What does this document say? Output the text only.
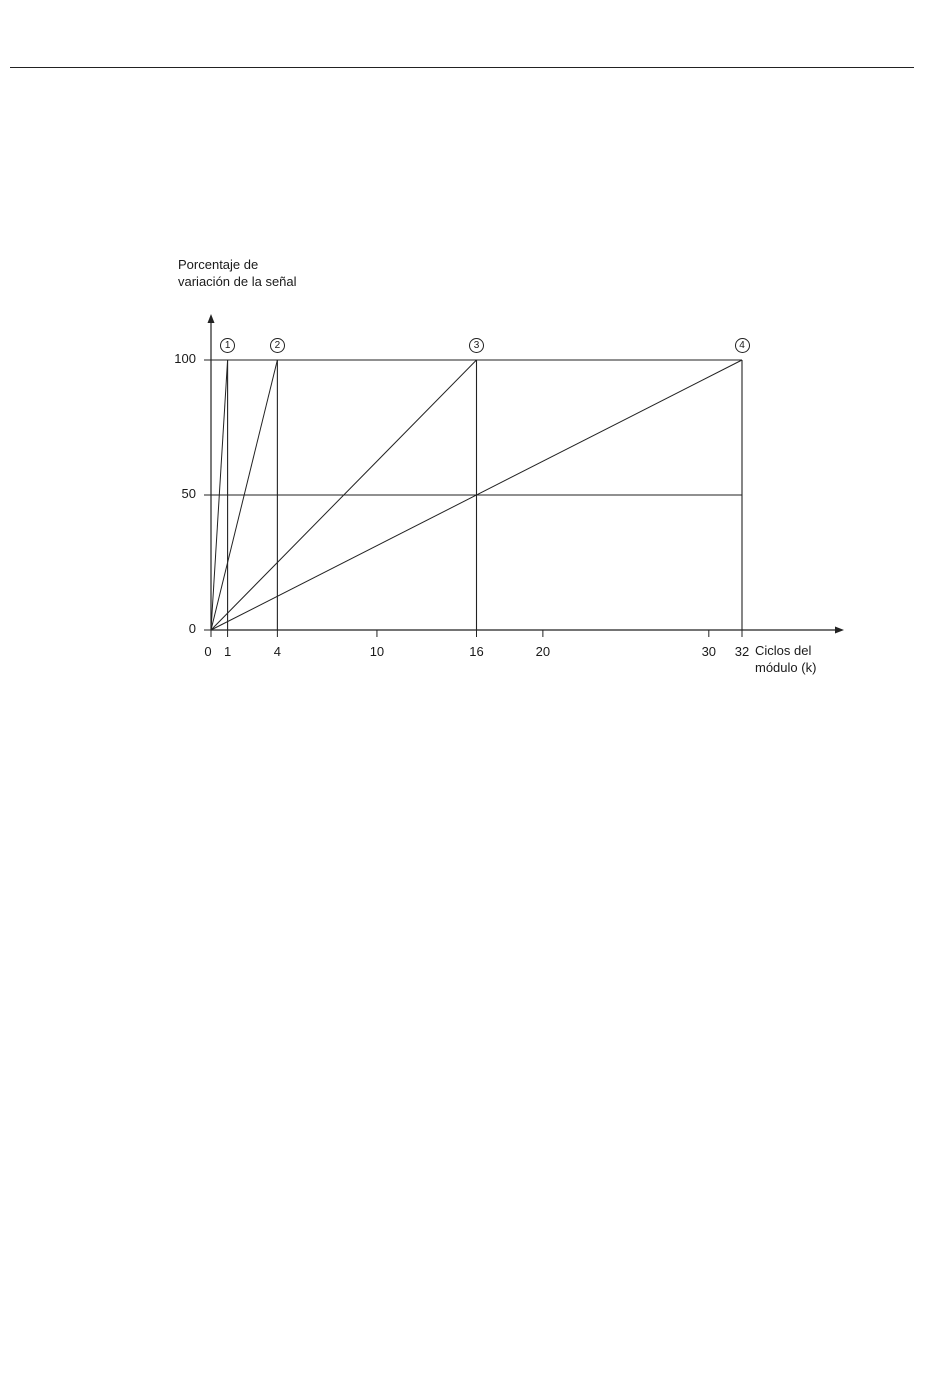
Porcentaje de
variación de la señal
Ciclos del
módulo (k)
0
50
100
0 1	4	10	16	20	30	32
1	2	3	4
